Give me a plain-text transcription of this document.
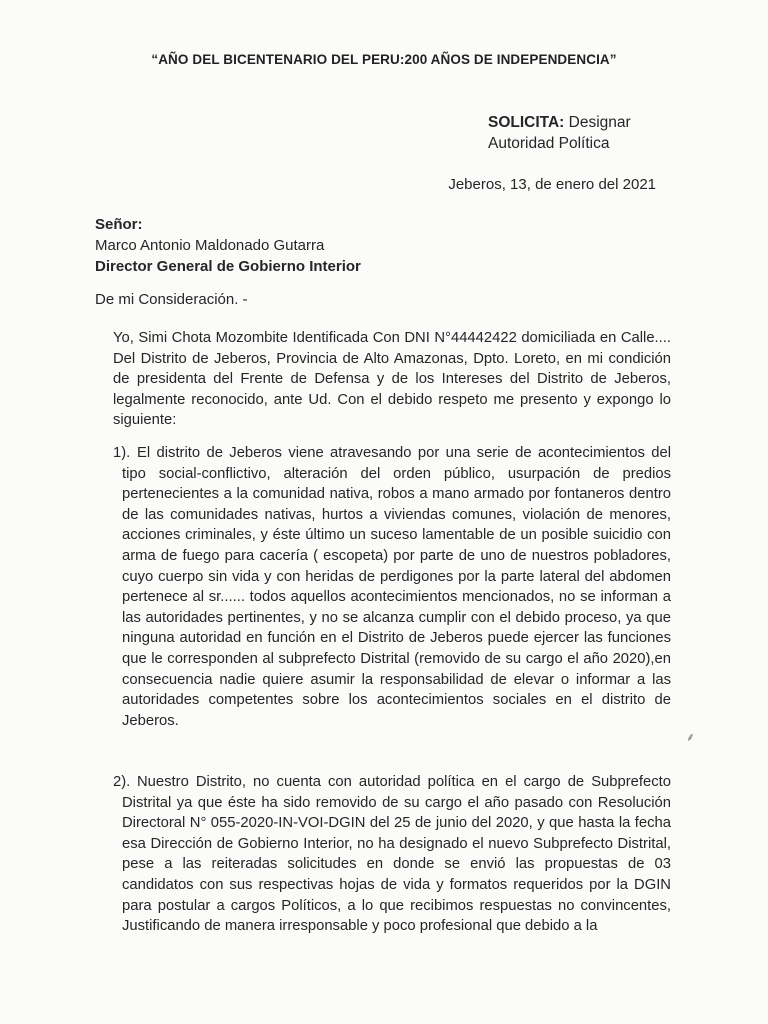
“AÑO DEL BICENTENARIO DEL PERU:200 AÑOS DE INDEPENDENCIA”
SOLICITA: Designar
Autoridad Política
Jeberos, 13, de enero del 2021
Señor:
Marco Antonio Maldonado Gutarra
Director General de Gobierno Interior
De mi Consideración. -
Yo, Simi Chota Mozombite Identificada Con DNI N°44442422 domiciliada en Calle.... Del Distrito de Jeberos, Provincia de Alto Amazonas, Dpto. Loreto, en mi condición de presidenta del Frente de Defensa y de los Intereses del Distrito de Jeberos, legalmente reconocido, ante Ud. Con el debido respeto me presento y expongo lo siguiente:
1). El distrito de Jeberos viene atravesando por una serie de acontecimientos del tipo social-conflictivo, alteración del orden público, usurpación de predios pertenecientes a la comunidad nativa, robos a mano armado por fontaneros dentro de las comunidades nativas, hurtos a viviendas comunes, violación de menores, acciones criminales, y éste último un suceso lamentable de un posible suicidio con arma de fuego para cacería ( escopeta) por parte de uno de nuestros pobladores, cuyo cuerpo sin vida y con heridas de perdigones por la parte lateral del abdomen pertenece al sr...... todos aquellos acontecimientos mencionados, no se informan a las autoridades pertinentes, y no se alcanza cumplir con el debido proceso, ya que ninguna autoridad en función en el Distrito de Jeberos puede ejercer las funciones que le corresponden al subprefecto Distrital (removido de su cargo el año 2020),en consecuencia nadie quiere asumir la responsabilidad de elevar o informar a las autoridades competentes sobre los acontecimientos sociales en el distrito de Jeberos.
⸙
2). Nuestro Distrito, no cuenta con autoridad política en el cargo de Subprefecto Distrital ya que éste ha sido removido de su cargo el año pasado con Resolución Directoral N° 055-2020-IN-VOI-DGIN del 25 de junio del 2020, y que hasta la fecha esa Dirección de Gobierno Interior, no ha designado el nuevo Subprefecto Distrital, pese a las reiteradas solicitudes en donde se envió las propuestas de 03 candidatos con sus respectivas hojas de vida y formatos requeridos por la DGIN para postular a cargos Políticos, a lo que recibimos respuestas no convincentes, Justificando de manera irresponsable y poco profesional que debido a la
